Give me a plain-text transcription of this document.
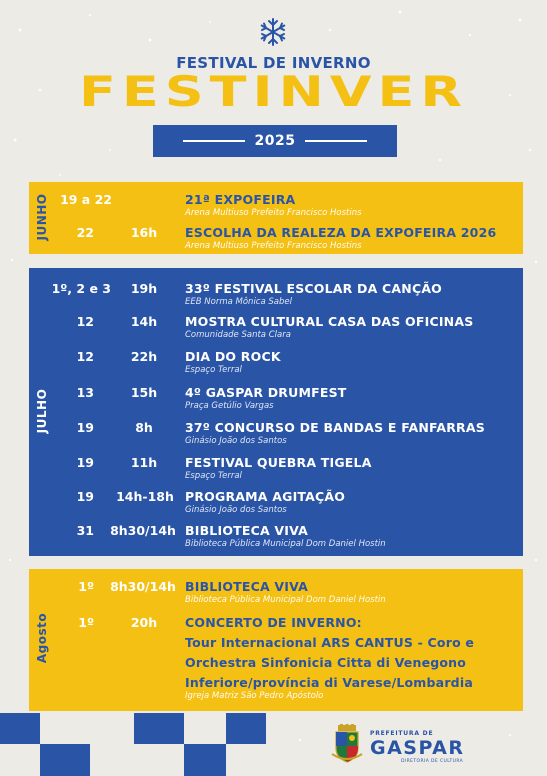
FESTIVAL DE INVERNO
FESTINVER
2025
JUNHO 19 a 22	21ª EXPOFEIRA
Arena Multiuso Prefeito Francisco Hostins
22	16h	ESCOLHA DA REALEZA DA EXPOFEIRA 2026
Arena Multiuso Prefeito Francisco Hostins
JULHO
1º, 2 e 3	19h	33º FESTIVAL ESCOLAR DA CANÇÃO
EEB Norma Mônica Sabel
12	14h	MOSTRA CULTURAL CASA DAS OFICINAS
Comunidade Santa Clara
12	22h	DIA DO ROCK
Espaço Terral
13	15h	4º GASPAR DRUMFEST
Praça Getúlio Vargas
19	8h	37º CONCURSO DE BANDAS E FANFARRAS
Ginásio João dos Santos
19	11h	FESTIVAL QUEBRA TIGELA
Espaço Terral
19	14h-18h PROGRAMA AGITAÇÃO
Ginásio João dos Santos
31	8h30/14h BIBLIOTECA VIVA
Biblioteca Pública Municipal Dom Daniel Hostin
Agosto
1º	8h30/14h BIBLIOTECA VIVA
Biblioteca Pública Municipal Dom Daniel Hostin
1º	20h	CONCERTO DE INVERNO:
Tour Internacional ARS CANTUS - Coro e
Orchestra Sinfonicia Citta di Venegono
Inferiore/província di Varese/Lombardia
Igreja Matriz São Pedro Apóstolo
PREFEITURA DE
GASPAR
DIRETORIA DE CULTURA
